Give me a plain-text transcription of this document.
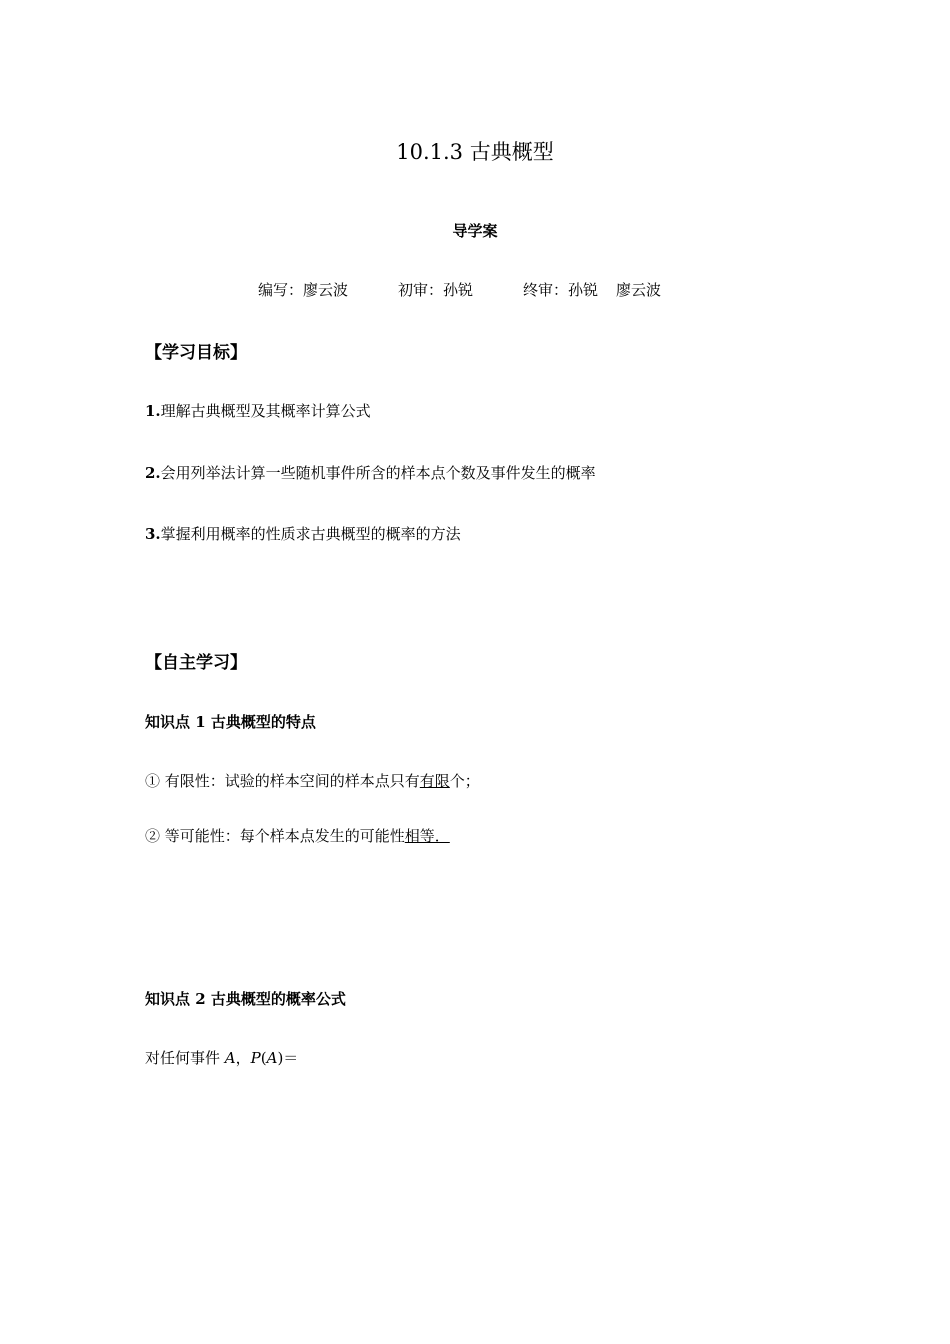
10.1.3 古典概型
导学案
编写：廖云波	初审：孙锐	终审：孙锐 廖云波
【学习目标】
1.理解古典概型及其概率计算公式
2.会用列举法计算一些随机事件所含的样本点个数及事件发生的概率
3.掌握利用概率的性质求古典概型的概率的方法
【自主学习】
知识点 1 古典概型的特点
① 有限性：试验的样本空间的样本点只有有限个；
② 等可能性：每个样本点发生的可能性相等．
知识点 2 古典概型的概率公式
对任何事件 A，P(A)＝
